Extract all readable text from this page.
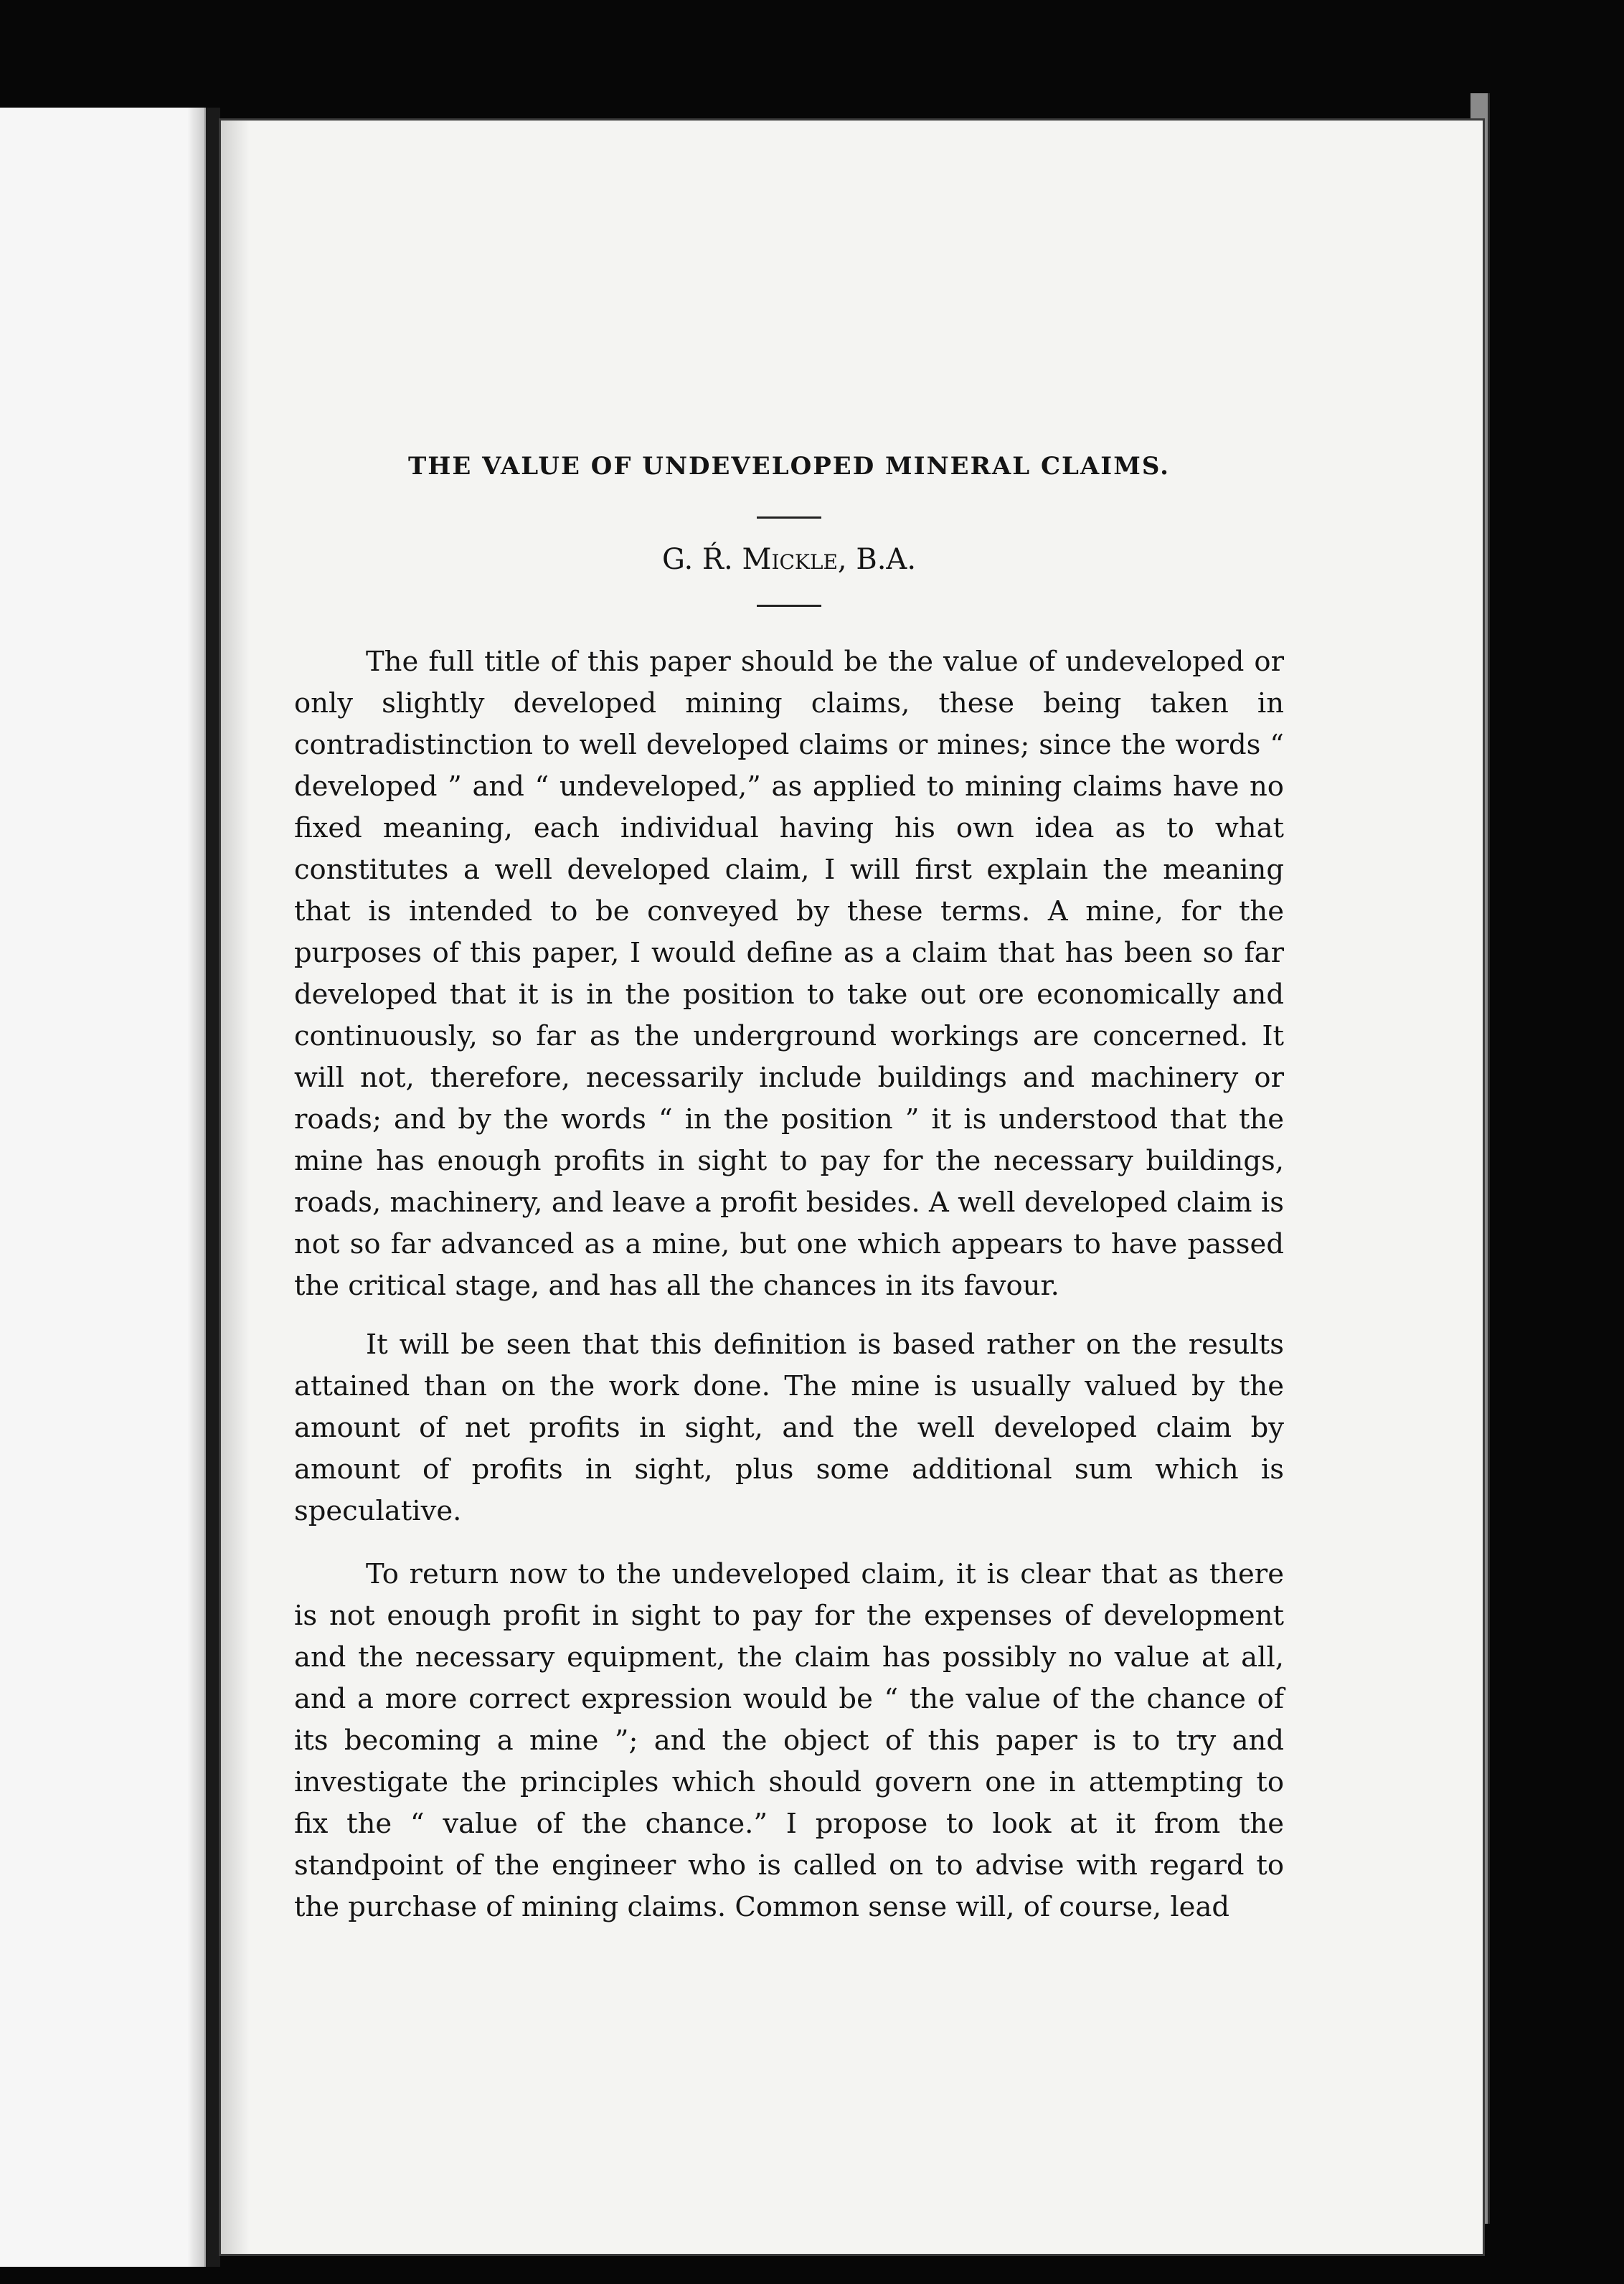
THE VALUE OF UNDEVELOPED MINERAL CLAIMS.
G. Ŕ. Mickle, B.A.

The full title of this paper should be the value of undeveloped or only slightly developed mining claims, these being taken in contradistinction to well developed claims or mines; since the words “ developed ” and “ undeveloped,” as applied to mining claims have no fixed meaning, each individual having his own idea as to what constitutes a well developed claim, I will first explain the meaning that is intended to be conveyed by these terms. A mine, for the purposes of this paper, I would define as a claim that has been so far developed that it is in the position to take out ore economically and continuously, so far as the underground workings are concerned. It will not, therefore, necessarily include buildings and machinery or roads; and by the words “ in the position ” it is understood that the mine has enough profits in sight to pay for the necessary buildings, roads, machinery, and leave a profit besides. A well developed claim is not so far advanced as a mine, but one which appears to have passed the critical stage, and has all the chances in its favour.

It will be seen that this definition is based rather on the results attained than on the work done. The mine is usually valued by the amount of net profits in sight, and the well developed claim by amount of profits in sight, plus some additional sum which is speculative.

To return now to the undeveloped claim, it is clear that as there is not enough profit in sight to pay for the expenses of development and the necessary equipment, the claim has possibly no value at all, and a more correct expression would be “ the value of the chance of its becoming a mine ”; and the object of this paper is to try and investigate the principles which should govern one in attempting to fix the “ value of the chance.” I propose to look at it from the standpoint of the engineer who is called on to advise with regard to the purchase of mining claims. Common sense will, of course, lead
